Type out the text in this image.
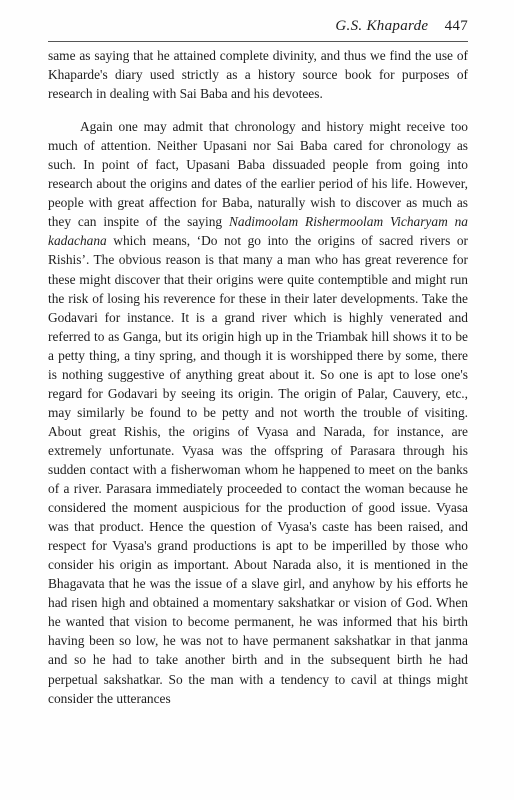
G.S. Khaparde 447

same as saying that he attained complete divinity, and thus we find the use of Khaparde's diary used strictly as a history source book for purposes of research in dealing with Sai Baba and his devotees.

Again one may admit that chronology and history might receive too much of attention. Neither Upasani nor Sai Baba cared for chronology as such. In point of fact, Upasani Baba dissuaded people from going into research about the origins and dates of the earlier period of his life. However, people with great affection for Baba, naturally wish to discover as much as they can inspite of the saying Nadimoolam Rishermoolam Vicharyam na kadachana which means, ‘Do not go into the origins of sacred rivers or Rishis’. The obvious reason is that many a man who has great reverence for these might discover that their origins were quite contemptible and might run the risk of losing his reverence for these in their later developments. Take the Godavari for instance. It is a grand river which is highly venerated and referred to as Ganga, but its origin high up in the Triambak hill shows it to be a petty thing, a tiny spring, and though it is worshipped there by some, there is nothing suggestive of anything great about it. So one is apt to lose one's regard for Godavari by seeing its origin. The origin of Palar, Cauvery, etc., may similarly be found to be petty and not worth the trouble of visiting. About great Rishis, the origins of Vyasa and Narada, for instance, are extremely unfortunate. Vyasa was the offspring of Parasara through his sudden contact with a fisherwoman whom he happened to meet on the banks of a river. Parasara immediately proceeded to contact the woman because he considered the moment auspicious for the production of good issue. Vyasa was that product. Hence the question of Vyasa's caste has been raised, and respect for Vyasa's grand productions is apt to be imperilled by those who consider his origin as important. About Narada also, it is mentioned in the Bhagavata that he was the issue of a slave girl, and anyhow by his efforts he had risen high and obtained a momentary sakshatkar or vision of God. When he wanted that vision to become permanent, he was informed that his birth having been so low, he was not to have permanent sakshatkar in that janma and so he had to take another birth and in the subsequent birth he had perpetual sakshatkar. So the man with a tendency to cavil at things might consider the utterances
